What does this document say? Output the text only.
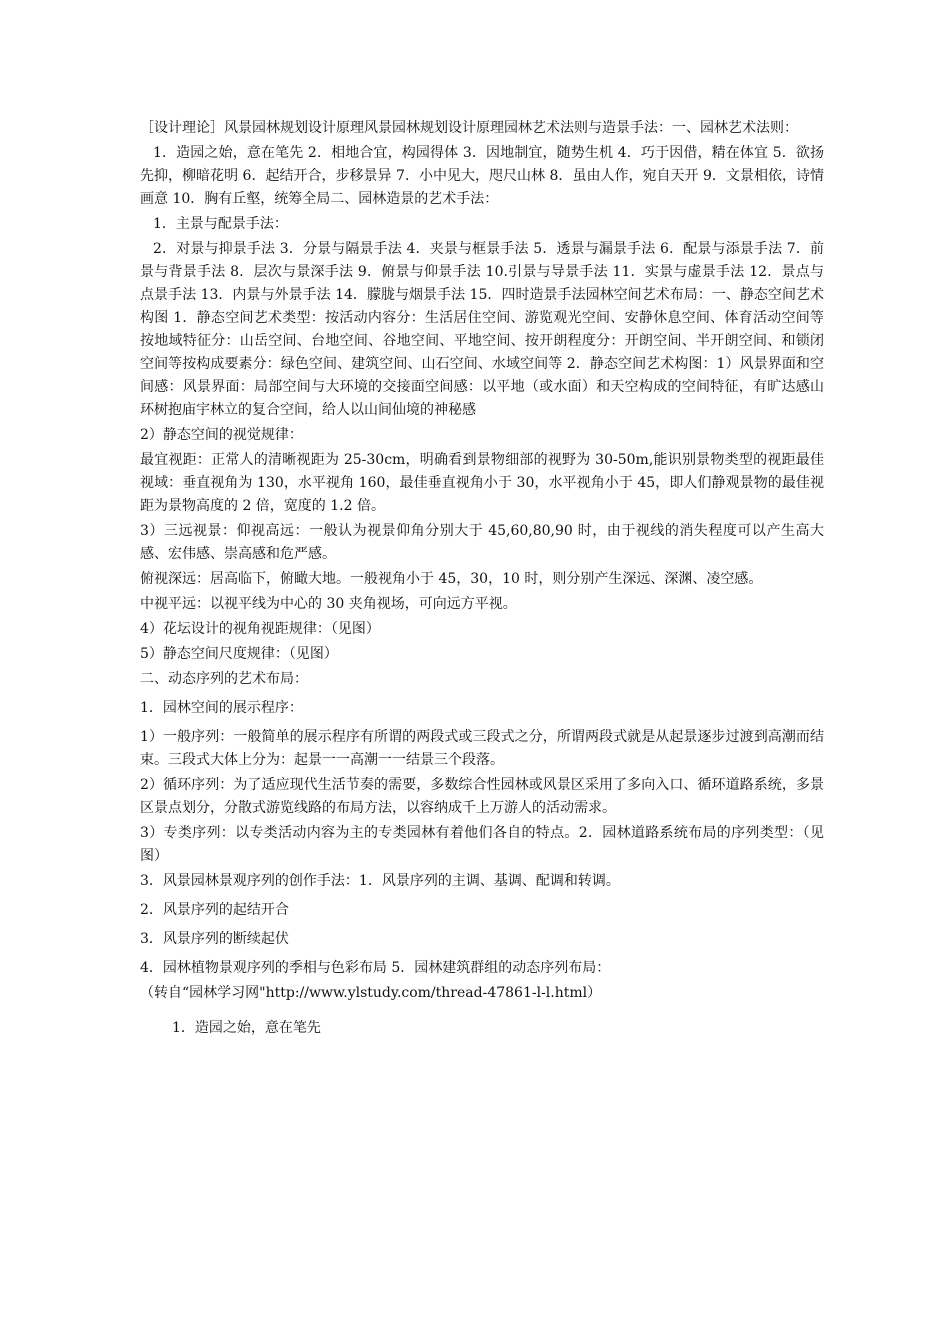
［设计理论］风景园林规划设计原理风景园林规划设计原理园林艺术法则与造景手法：一、园林艺术法则：

1．造园之始，意在笔先 2．相地合宜，构园得体 3．因地制宜，随势生机 4．巧于因借，精在体宜 5．欲扬先抑，柳暗花明 6．起结开合，步移景异 7．小中见大，咫尺山林 8．虽由人作，宛自天开 9．文景相依，诗情画意 10．胸有丘壑，统筹全局二、园林造景的艺术手法：

1．主景与配景手法：

2．对景与抑景手法 3．分景与隔景手法 4．夹景与框景手法 5．透景与漏景手法 6．配景与添景手法 7．前景与背景手法 8．层次与景深手法 9．俯景与仰景手法 10.引景与导景手法 11．实景与虚景手法 12．景点与点景手法 13．内景与外景手法 14．朦胧与烟景手法 15．四时造景手法园林空间艺术布局：一、静态空间艺术构图 1．静态空间艺术类型：按活动内容分：生活居住空间、游览观光空间、安静休息空间、体育活动空间等按地域特征分：山岳空间、台地空间、谷地空间、平地空间、按开朗程度分：开朗空间、半开朗空间、和锁闭空间等按构成要素分：绿色空间、建筑空间、山石空间、水域空间等 2．静态空间艺术构图：1）风景界面和空间感：风景界面：局部空间与大环境的交接面空间感：以平地（或水面）和天空构成的空间特征，有旷达感山环树抱庙宇林立的复合空间，给人以山间仙境的神秘感

2）静态空间的视觉规律：

最宜视距：正常人的清晰视距为 25-30cm，明确看到景物细部的视野为 30-50m,能识别景物类型的视距最佳视域：垂直视角为 130，水平视角 160，最佳垂直视角小于 30，水平视角小于 45，即人们静观景物的最佳视距为景物高度的 2 倍，宽度的 1.2 倍。

3）三远视景：仰视高远：一般认为视景仰角分别大于 45,60,80,90 时，由于视线的消失程度可以产生高大感、宏伟感、崇高感和危严感。

俯视深远：居高临下，俯瞰大地。一般视角小于 45，30，10 时，则分别产生深远、深渊、凌空感。

中视平远：以视平线为中心的 30 夹角视场，可向远方平视。

4）花坛设计的视角视距规律：（见图）

5）静态空间尺度规律：（见图）

二、动态序列的艺术布局：

1．园林空间的展示程序：

1）一般序列：一般简单的展示程序有所谓的两段式或三段式之分，所谓两段式就是从起景逐步过渡到高潮而结束。三段式大体上分为：起景一一高潮一一结景三个段落。

2）循环序列：为了适应现代生活节奏的需要，多数综合性园林或风景区采用了多向入口、循环道路系统，多景区景点划分，分散式游览线路的布局方法，以容纳成千上万游人的活动需求。

3）专类序列：以专类活动内容为主的专类园林有着他们各自的特点。2．园林道路系统布局的序列类型：（见图）

3．风景园林景观序列的创作手法：1．风景序列的主调、基调、配调和转调。

2．风景序列的起结开合

3．风景序列的断续起伏

4．园林植物景观序列的季相与色彩布局 5．园林建筑群组的动态序列布局：

（转自“园林学习网"http://www.ylstudy.com/thread-47861-l-l.html）

1．造园之始，意在笔先
